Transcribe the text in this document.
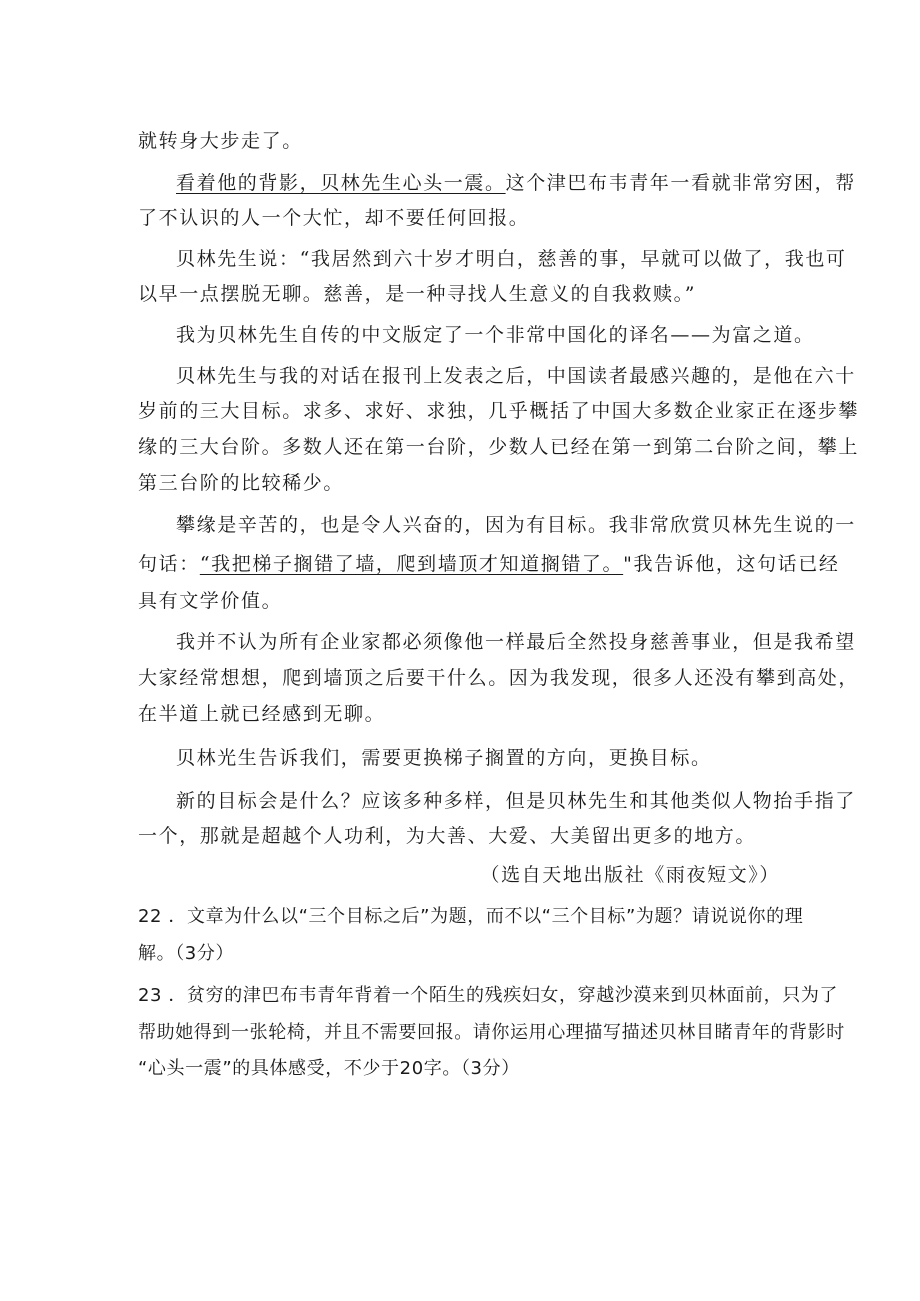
就转身大步走了。
看着他的背影，贝林先生心头一震。这个津巴布韦青年一看就非常穷困，帮
了不认识的人一个大忙，却不要任何回报。
贝林先生说：“我居然到六十岁才明白，慈善的事，早就可以做了，我也可
以早一点摆脱无聊。慈善，是一种寻找人生意义的自我救赎。”
我为贝林先生自传的中文版定了一个非常中国化的译名——为富之道。
贝林先生与我的对话在报刊上发表之后，中国读者最感兴趣的，是他在六十
岁前的三大目标。求多、求好、求独，几乎概括了中国大多数企业家正在逐步攀
缘的三大台阶。多数人还在第一台阶，少数人已经在第一到第二台阶之间，攀上
第三台阶的比较稀少。
攀缘是辛苦的，也是令人兴奋的，因为有目标。我非常欣赏贝林先生说的一
句话：“我把梯子搁错了墙，爬到墙顶才知道搁错了。"我告诉他，这句话已经
具有文学价值。
我并不认为所有企业家都必须像他一样最后全然投身慈善事业，但是我希望
大家经常想想，爬到墙顶之后要干什么。因为我发现，很多人还没有攀到高处，
在半道上就已经感到无聊。
贝林光生告诉我们，需要更换梯子搁置的方向，更换目标。
新的目标会是什么？应该多种多样，但是贝林先生和其他类似人物抬手指了
一个，那就是超越个人功利，为大善、大爱、大美留出更多的地方。
（选自天地出版社《雨夜短文》）
22 ．文章为什么以“三个目标之后”为题，而不以“三个目标”为题？请说说你的理
解。（3分）
23 ．贫穷的津巴布韦青年背着一个陌生的残疾妇女，穿越沙漠来到贝林面前，只为了
帮助她得到一张轮椅，并且不需要回报。请你运用心理描写描述贝林目睹青年的背影时
“心头一震”的具体感受，不少于20字。（3分）
